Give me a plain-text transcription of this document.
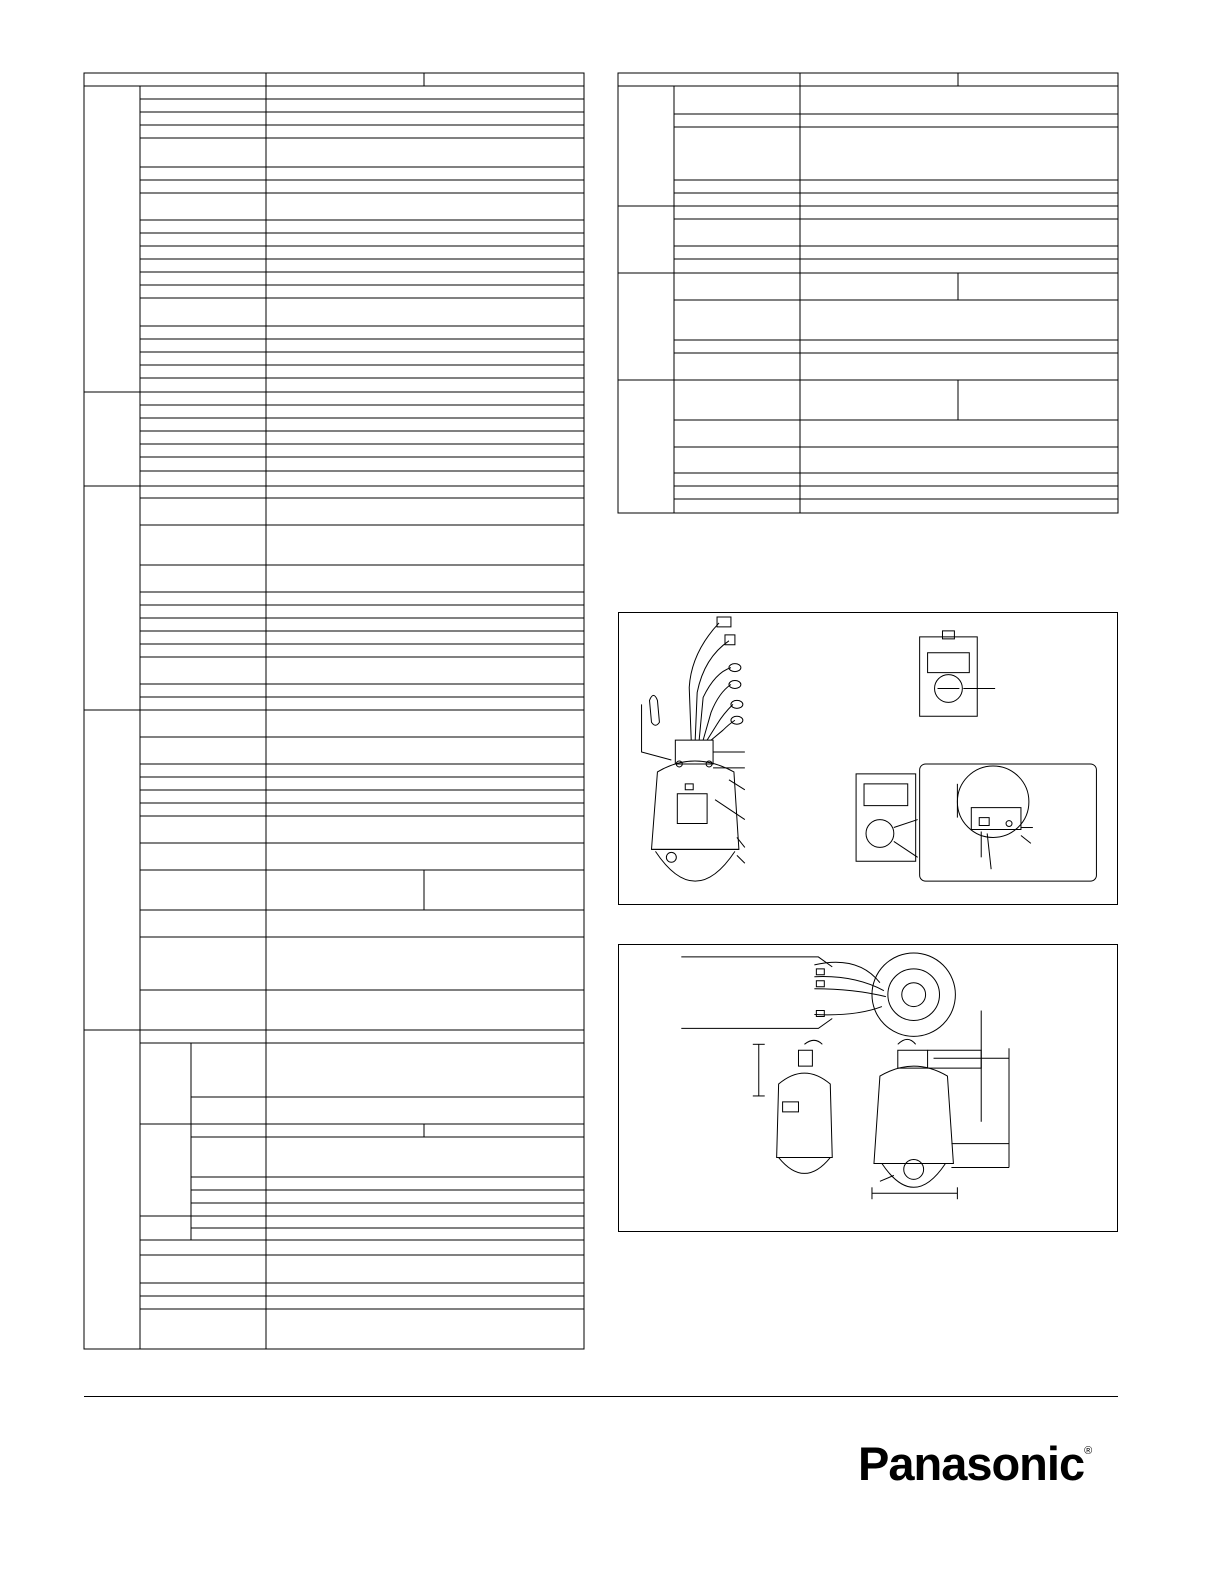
Panasonic®
